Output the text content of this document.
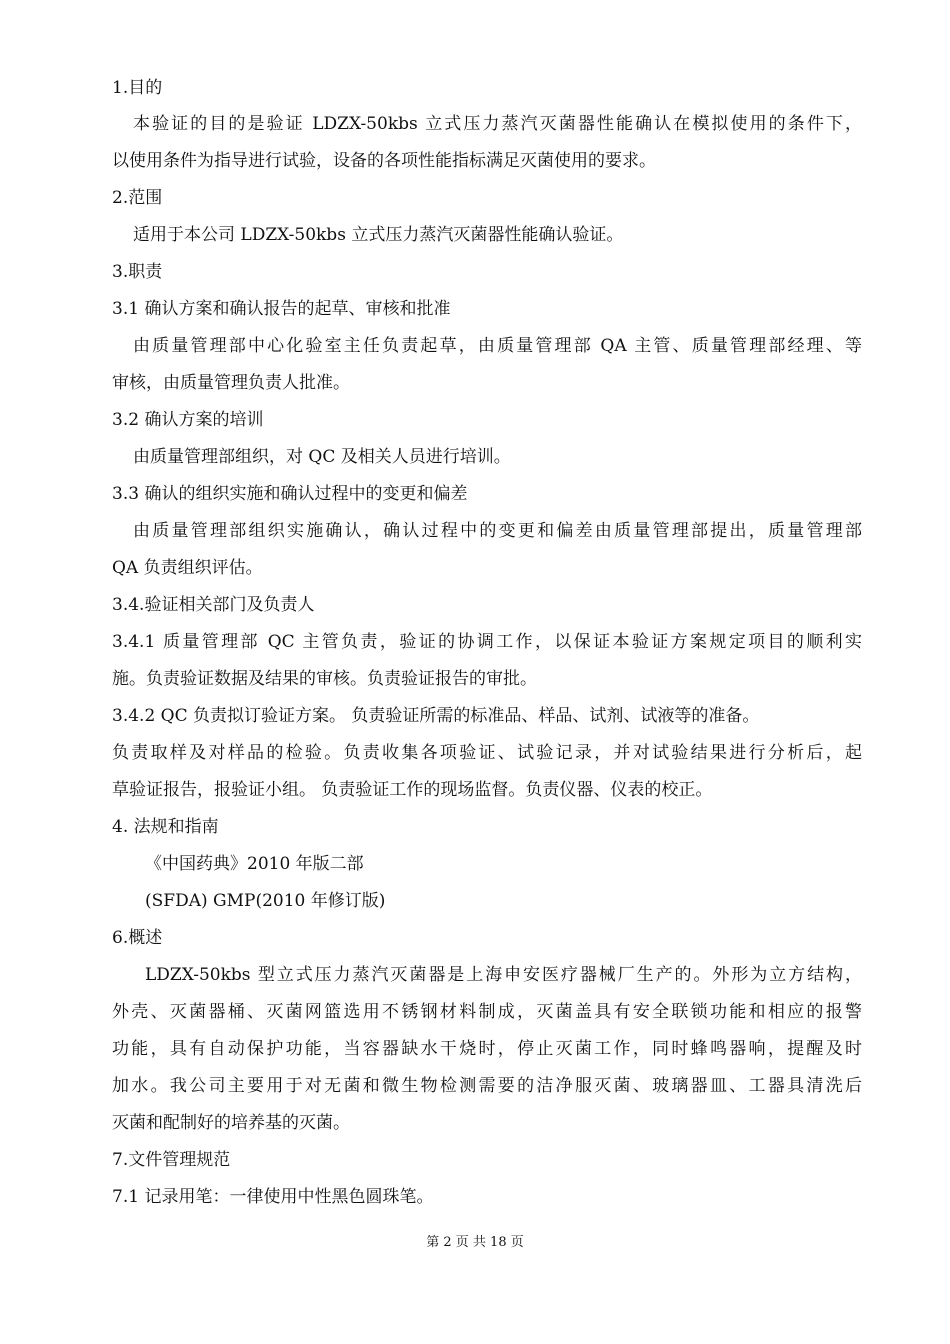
1.目的
本验证的目的是验证 LDZX-50kbs 立式压力蒸汽灭菌器性能确认在模拟使用的条件下，
以使用条件为指导进行试验，设备的各项性能指标满足灭菌使用的要求。
2.范围
适用于本公司 LDZX-50kbs 立式压力蒸汽灭菌器性能确认验证。
3.职责
3.1 确认方案和确认报告的起草、审核和批准
由质量管理部中心化验室主任负责起草，由质量管理部 QA 主管、质量管理部经理、等
审核，由质量管理负责人批准。
3.2 确认方案的培训
由质量管理部组织，对 QC 及相关人员进行培训。
3.3 确认的组织实施和确认过程中的变更和偏差
由质量管理部组织实施确认，确认过程中的变更和偏差由质量管理部提出，质量管理部
QA 负责组织评估。
3.4.验证相关部门及负责人
3.4.1 质量管理部 QC 主管负责，验证的协调工作，以保证本验证方案规定项目的顺利实
施。负责验证数据及结果的审核。负责验证报告的审批。
3.4.2 QC 负责拟订验证方案。 负责验证所需的标准品、样品、试剂、试液等的准备。
负责取样及对样品的检验。负责收集各项验证、试验记录，并对试验结果进行分析后，起
草验证报告，报验证小组。 负责验证工作的现场监督。负责仪器、仪表的校正。
4. 法规和指南
《中国药典》2010 年版二部
(SFDA) GMP(2010 年修订版)
6.概述
LDZX-50kbs 型立式压力蒸汽灭菌器是上海申安医疗器械厂生产的。外形为立方结构，
外壳、灭菌器桶、灭菌网篮选用不锈钢材料制成，灭菌盖具有安全联锁功能和相应的报警
功能，具有自动保护功能，当容器缺水干烧时，停止灭菌工作，同时蜂鸣器响，提醒及时
加水。我公司主要用于对无菌和微生物检测需要的洁净服灭菌、玻璃器皿、工器具清洗后
灭菌和配制好的培养基的灭菌。
7.文件管理规范
7.1 记录用笔：一律使用中性黑色圆珠笔。
第 2 页 共 18 页
